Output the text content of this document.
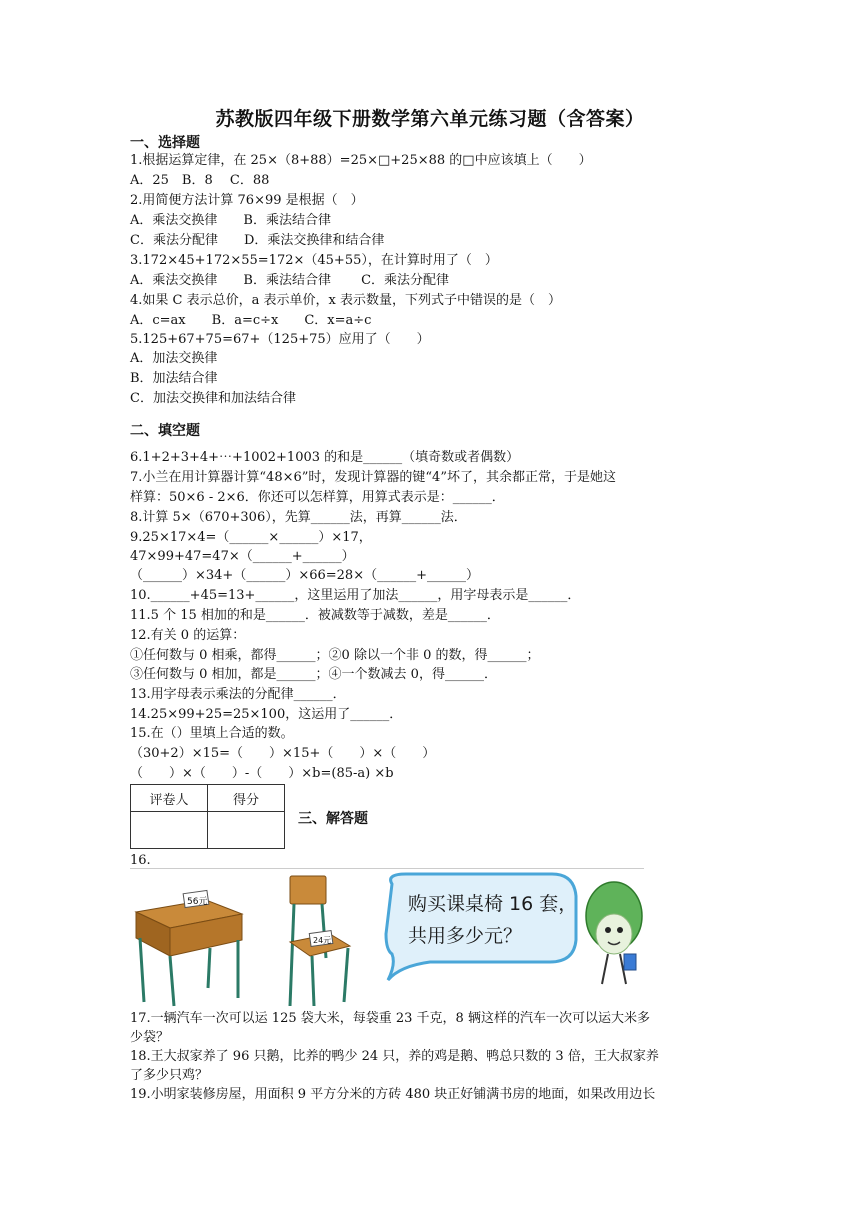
苏教版四年级下册数学第六单元练习题（含答案）
一、选择题
1.根据运算定律，在 25×（8+88）=25×□+25×88 的□中应该填上（　　）
A．25　B．8　 C．88
2.用简便方法计算 76×99 是根据（　）
A．乘法交换律　　B．乘法结合律
C．乘法分配律　　D．乘法交换律和结合律
3.172×45+172×55=172×（45+55），在计算时用了（　）
A．乘法交换律　　B．乘法结合律　　 C．乘法分配律
4.如果 C 表示总价，a 表示单价，x 表示数量，下列式子中错误的是（　）
A．c=ax　　B．a=c÷x　　C．x=a÷c
5.125+67+75=67+（125+75）应用了（　　）
A．加法交换律
B．加法结合律
C．加法交换律和加法结合律
二、填空题
6.1+2+3+4+⋯+1002+1003 的和是______（填奇数或者偶数）
7.小兰在用计算器计算“48×6”时，发现计算器的键“4”坏了，其余都正常，于是她这
样算：50×6 - 2×6．你还可以怎样算，用算式表示是：______．
8.计算 5×（670+306），先算______法，再算______法．
9.25×17×4=（______×______）×17，
47×99+47=47×（______+______）
（______）×34+（______）×66=28×（______+______）
10.______+45=13+______，这里运用了加法______，用字母表示是______．
11.5 个 15 相加的和是______．被减数等于减数，差是______．
12.有关 0 的运算：
①任何数与 0 相乘，都得______；②0 除以一个非 0 的数，得______；
③任何数与 0 相加，都是______；④一个数减去 0，得______．
13.用字母表示乘法的分配律______．
14.25×99+25=25×100，这运用了______．
15.在（）里填上合适的数。
（30+2）×15=（　　）×15+（　　）×（　　）
（　　）×（　　）-（　　）×b=(85-a) ×b
评卷人	得分

三、解答题
16.
56元
24元
购买课桌椅 16 套，
共用多少元？
17.一辆汽车一次可以运 125 袋大米，每袋重 23 千克，8 辆这样的汽车一次可以运大米多
少袋？
18.王大叔家养了 96 只鹅，比养的鸭少 24 只，养的鸡是鹅、鸭总只数的 3 倍，王大叔家养
了多少只鸡？
19.小明家装修房屋，用面积 9 平方分米的方砖 480 块正好铺满书房的地面，如果改用边长
